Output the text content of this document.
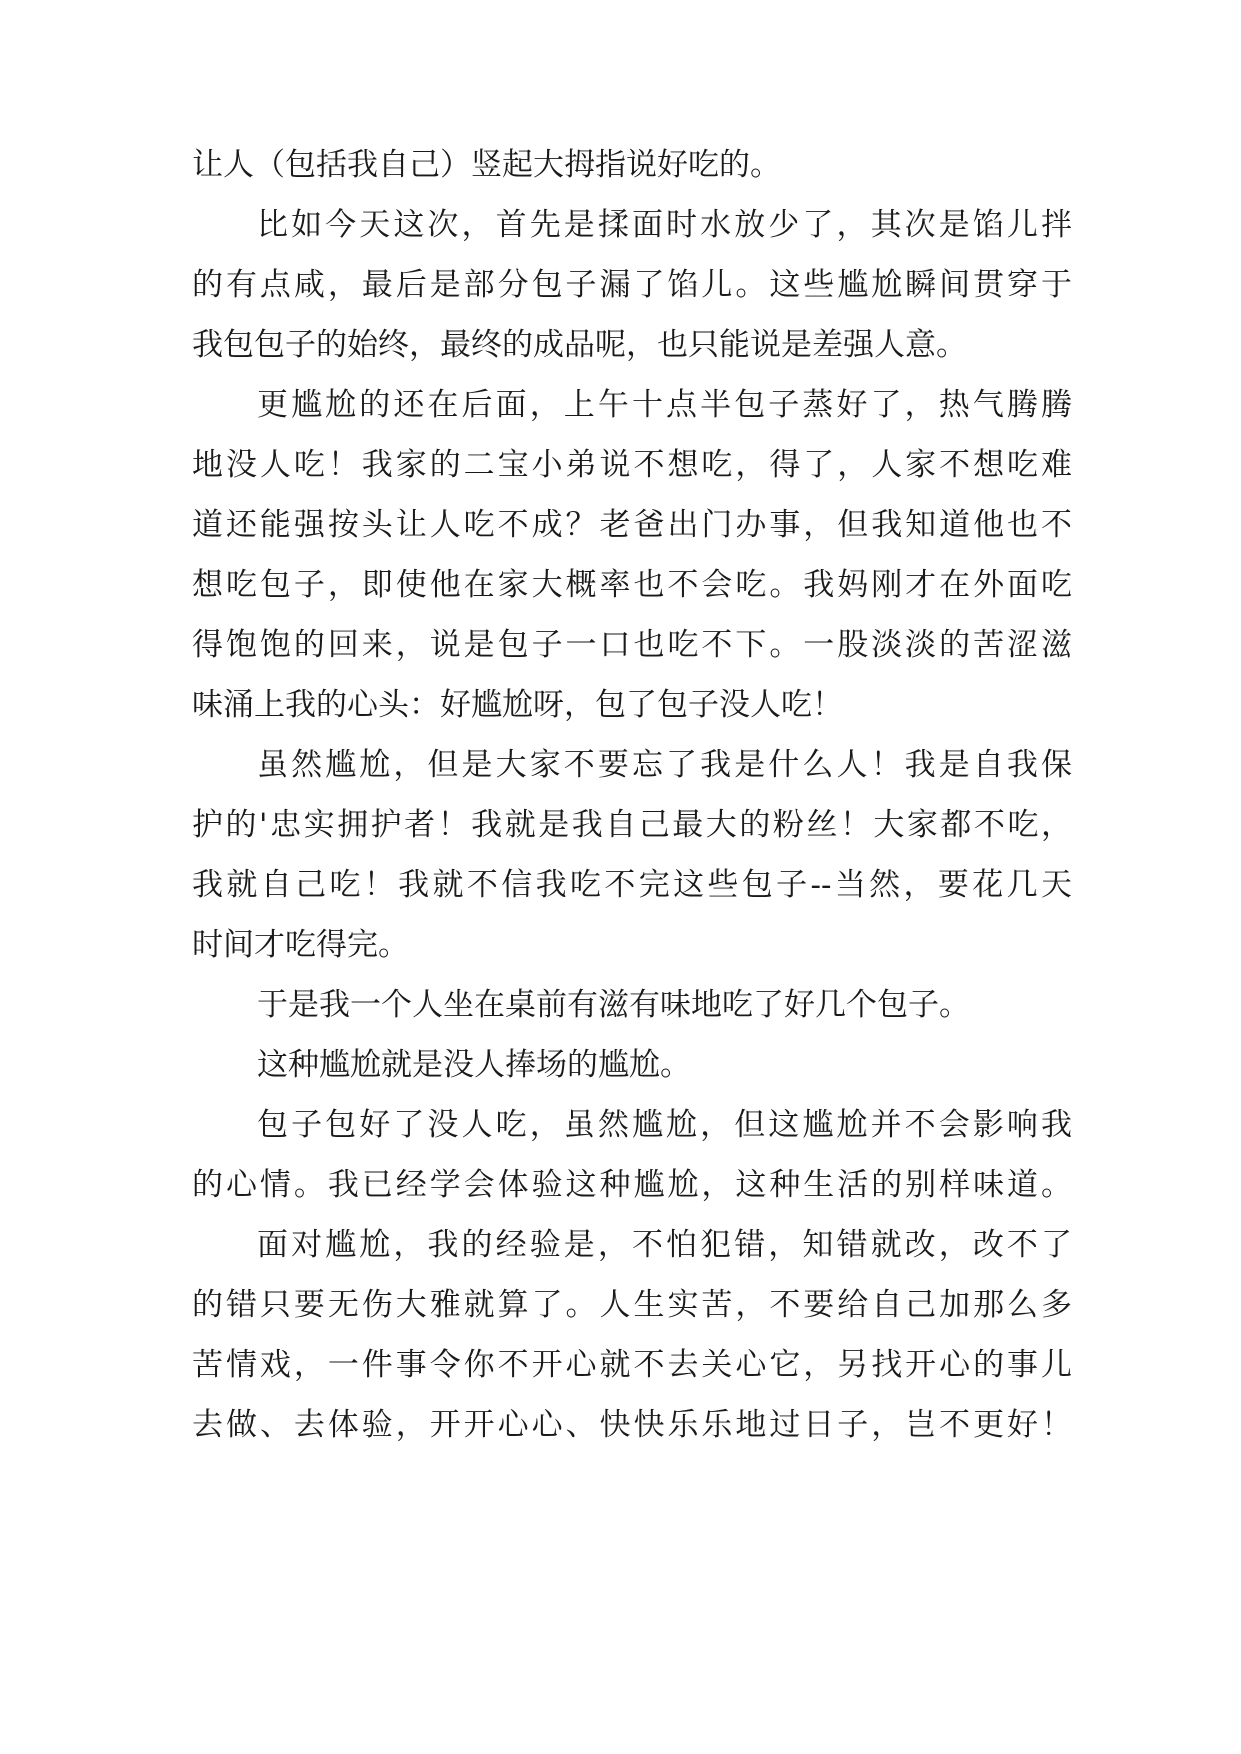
让人（包括我自己）竖起大拇指说好吃的。
比如今天这次，首先是揉面时水放少了，其次是馅儿拌
的有点咸，最后是部分包子漏了馅儿。这些尴尬瞬间贯穿于
我包包子的始终，最终的成品呢，也只能说是差强人意。
更尴尬的还在后面，上午十点半包子蒸好了，热气腾腾
地没人吃！我家的二宝小弟说不想吃，得了，人家不想吃难
道还能强按头让人吃不成？老爸出门办事，但我知道他也不
想吃包子，即使他在家大概率也不会吃。我妈刚才在外面吃
得饱饱的回来，说是包子一口也吃不下。一股淡淡的苦涩滋
味涌上我的心头：好尴尬呀，包了包子没人吃！
虽然尴尬，但是大家不要忘了我是什么人！我是自我保
护的'忠实拥护者！我就是我自己最大的粉丝！大家都不吃，
我就自己吃！我就不信我吃不完这些包子--当然，要花几天
时间才吃得完。
于是我一个人坐在桌前有滋有味地吃了好几个包子。
这种尴尬就是没人捧场的尴尬。
包子包好了没人吃，虽然尴尬，但这尴尬并不会影响我
的心情。我已经学会体验这种尴尬，这种生活的别样味道。
面对尴尬，我的经验是，不怕犯错，知错就改，改不了
的错只要无伤大雅就算了。人生实苦，不要给自己加那么多
苦情戏，一件事令你不开心就不去关心它，另找开心的事儿
去做、去体验，开开心心、快快乐乐地过日子，岂不更好！
